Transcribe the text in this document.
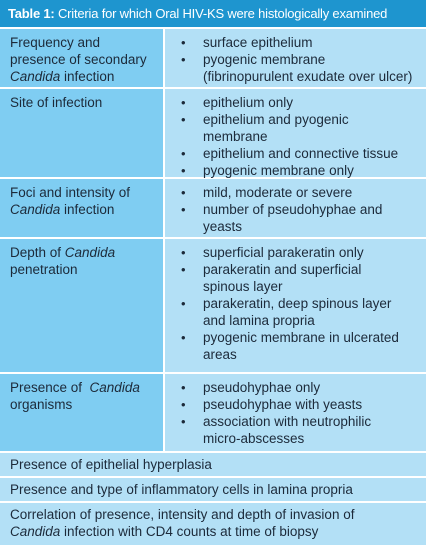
Table 1: Criteria for which Oral HIV-KS were histologically examined
Frequency and
presence of secondary
Candida infection
• surface epithelium
• pyogenic membrane
(fibrinopurulent exudate over ulcer)
Site of infection
•	epithelium only
• epithelium and pyogenic
membrane
• epithelium and connective tissue
• pyogenic membrane only
Foci and intensity of
Candida infection
• mild, moderate or severe
• number of pseudohyphae and
yeasts
Depth of Candida
penetration
• superficial parakeratin only
• parakeratin and superficial
spinous layer
• parakeratin, deep spinous layer
and lamina propria
• pyogenic membrane in ulcerated
areas
Presence of  Candida
organisms
• pseudohyphae only
• pseudohyphae with yeasts
• association with neutrophilic
micro-abscesses
Presence of epithelial hyperplasia
Presence and type of inflammatory cells in lamina propria
Correlation of presence, intensity and depth of invasion of
Candida infection with CD4 counts at time of biopsy
